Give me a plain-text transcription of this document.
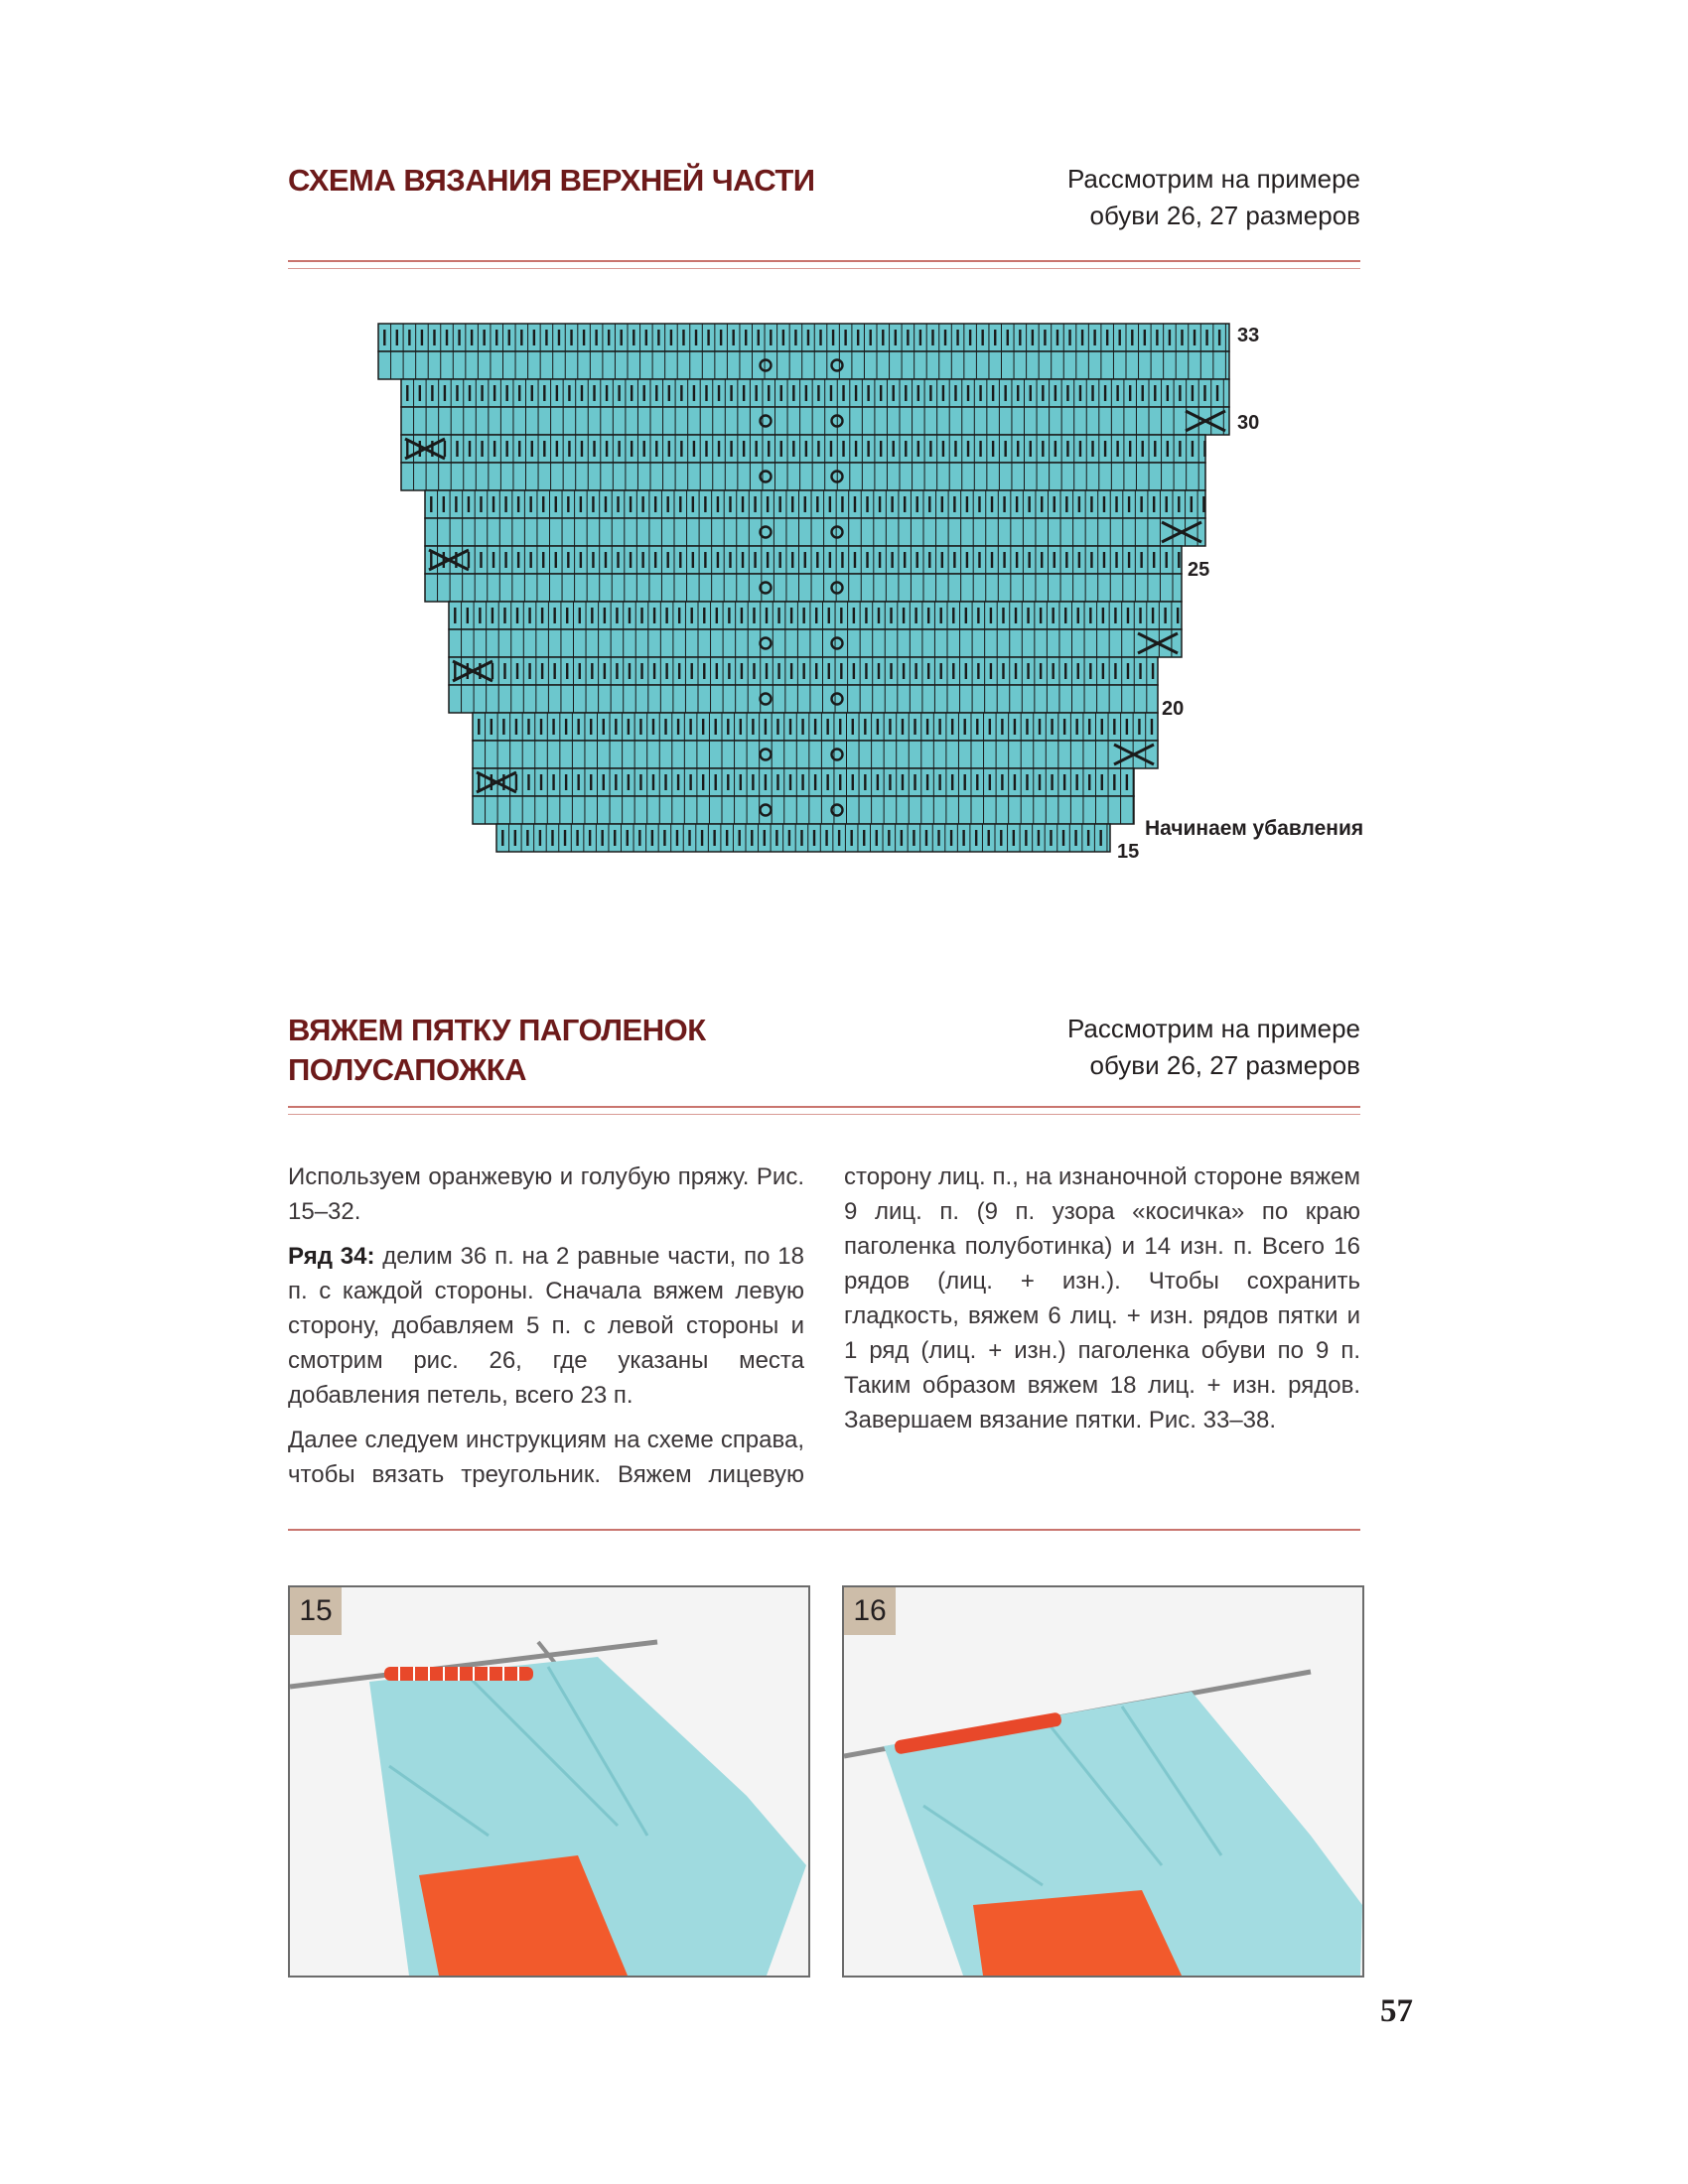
СХЕМА ВЯЗАНИЯ ВЕРХНЕЙ ЧАСТИ	Рассмотрим на примере
обуви 26, 27 размеров
33
30
25
20
15
Начинаем убавления
ВЯЖЕМ ПЯТКУ ПАГОЛЕНОК
ПОЛУСАПОЖКА
Рассмотрим на примере
обуви 26, 27 размеров

Используем оранжевую и голубую пряжу. Рис. 15–32.

Ряд 34: делим 36 п. на 2 равные части, по 18 п. с каждой стороны. Сначала вяжем левую сторону, добавляем 5 п. с левой стороны и смотрим рис. 26, где указаны места добавления петель, всего 23 п.

Далее следуем инструкциям на схеме справа, чтобы вязать треугольник. Вяжем лицевую сторону лиц. п., на изнаночной стороне вяжем 9 лиц. п. (9 п. узора «косичка» по краю паголенка полуботинка) и 14 изн. п. Всего 16 рядов (лиц. + изн.). Чтобы сохранить гладкость, вяжем 6 лиц. + изн. рядов пятки и 1 ряд (лиц. + изн.) паголенка обуви по 9 п. Таким образом вяжем 18 лиц. + изн. рядов. Завершаем вязание пятки. Рис. 33–38.

15	16
57
